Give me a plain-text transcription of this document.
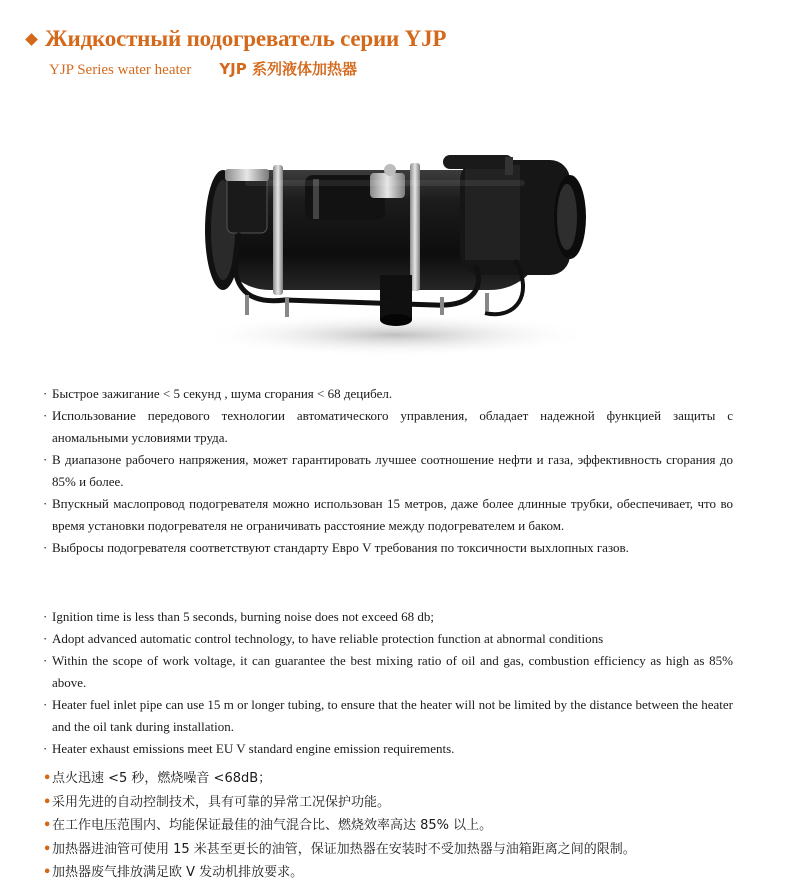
Жидкостный подогреватель серии YJP
YJP Series water heater YJP 系列液体加热器

· Быстрое зажигание < 5 секунд , шума сгорания < 68 децибел.

· Использование передового технологии автоматического управления, обладает надежной функцией защиты с аномальными условиями труда.

· В диапазоне рабочего напряжения, может гарантировать лучшее соотношение нефти и газа, эффективность сгорания до 85% и более.

· Впускный маслопровод подогревателя можно использован 15 метров, даже более длинные трубки, обеспечивает, что во время установки подогревателя не ограничивать расстояние между подогревателем и баком.

· Выбросы подогревателя соответствуют стандарту Евро V требования по токсичности выхлопных газов.

· Ignition time is less than 5 seconds, burning noise does not exceed 68 db;

· Adopt advanced automatic control technology, to have reliable protection function at abnormal conditions

· Within the scope of work voltage, it can guarantee the best mixing ratio of oil and gas, combustion efficiency as high as 85% above.

· Heater fuel inlet pipe can use 15 m or longer tubing, to ensure that the heater will not be limited by the distance between the heater and the oil tank during installation.

· Heater exhaust emissions meet EU V standard engine emission requirements.

•点火迅速 <5 秒，燃烧噪音 <68dB；

•采用先进的自动控制技术，具有可靠的异常工况保护功能。

•在工作电压范围内、均能保证最佳的油气混合比、燃烧效率高达 85% 以上。

•加热器进油管可使用 15 米甚至更长的油管，保证加热器在安装时不受加热器与油箱距离之间的限制。

•加热器废气排放满足欧 V 发动机排放要求。
